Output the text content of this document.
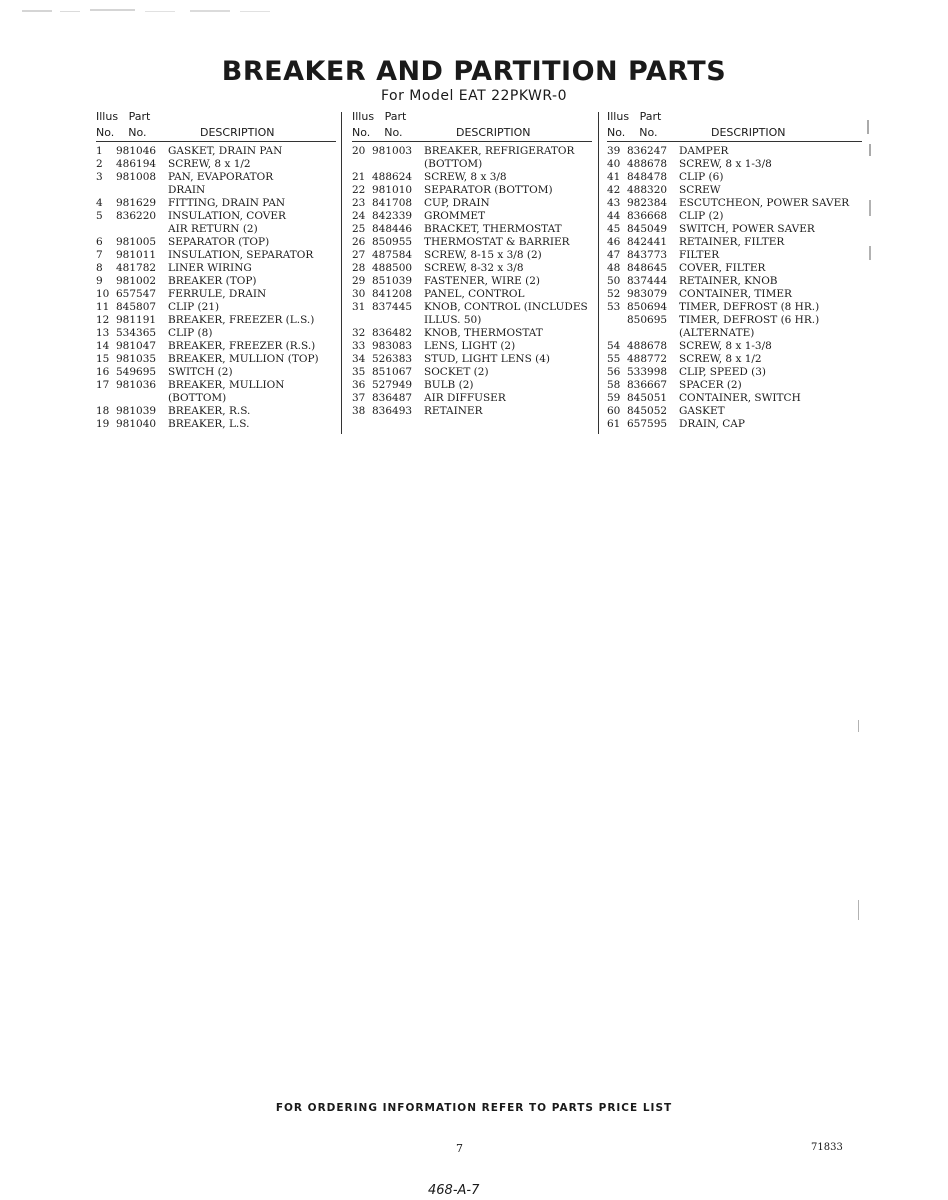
BREAKER AND PARTITION PARTS
For Model EAT 22PKWR-0
Illus Part
No. No.	DESCRIPTION
1	981046	GASKET, DRAIN PAN
2	486194	SCREW, 8 x 1/2
3	981008	PAN, EVAPORATOR
DRAIN
4	981629	FITTING, DRAIN PAN
5	836220	INSULATION, COVER
AIR RETURN (2)
6	981005	SEPARATOR (TOP)
7	981011	INSULATION, SEPARATOR
8	481782	LINER WIRING
9	981002	BREAKER (TOP)
10 657547	FERRULE, DRAIN
11 845807	CLIP (21)
12 981191	BREAKER, FREEZER (L.S.)
13 534365	CLIP (8)
14 981047	BREAKER, FREEZER (R.S.)
15 981035	BREAKER, MULLION (TOP)
16 549695	SWITCH (2)
17 981036	BREAKER, MULLION
(BOTTOM)
18 981039	BREAKER, R.S.
19 981040	BREAKER, L.S.
Illus Part
No. No.	DESCRIPTION
20 981003	BREAKER, REFRIGERATOR
(BOTTOM)
21 488624	SCREW, 8 x 3/8
22 981010	SEPARATOR (BOTTOM)
23 841708	CUP, DRAIN
24 842339	GROMMET
25 848446	BRACKET, THERMOSTAT
26 850955	THERMOSTAT & BARRIER
27 487584	SCREW, 8-15 x 3/8 (2)
28 488500	SCREW, 8-32 x 3/8
29 851039	FASTENER, WIRE (2)
30 841208	PANEL, CONTROL
31 837445	KNOB, CONTROL (INCLUDES
ILLUS. 50)
32 836482	KNOB, THERMOSTAT
33 983083	LENS, LIGHT (2)
34 526383	STUD, LIGHT LENS (4)
35 851067	SOCKET (2)
36 527949	BULB (2)
37 836487	AIR DIFFUSER
38 836493	RETAINER
Illus Part
No. No.	DESCRIPTION
39 836247	DAMPER
40 488678	SCREW, 8 x 1-3/8
41 848478	CLIP (6)
42 488320	SCREW
43 982384	ESCUTCHEON, POWER SAVER
44 836668	CLIP (2)
45 845049	SWITCH, POWER SAVER
46 842441	RETAINER, FILTER
47 843773	FILTER
48 848645	COVER, FILTER
50 837444	RETAINER, KNOB
52 983079	CONTAINER, TIMER
53 850694	TIMER, DEFROST (8 HR.)
850695	TIMER, DEFROST (6 HR.)
(ALTERNATE)
54 488678	SCREW, 8 x 1-3/8
55 488772	SCREW, 8 x 1/2
56 533998	CLIP, SPEED (3)
58 836667	SPACER (2)
59 845051	CONTAINER, SWITCH
60 845052	GASKET
61 657595	DRAIN, CAP
FOR ORDERING INFORMATION REFER TO PARTS PRICE LIST
7	71833
468-A-7
